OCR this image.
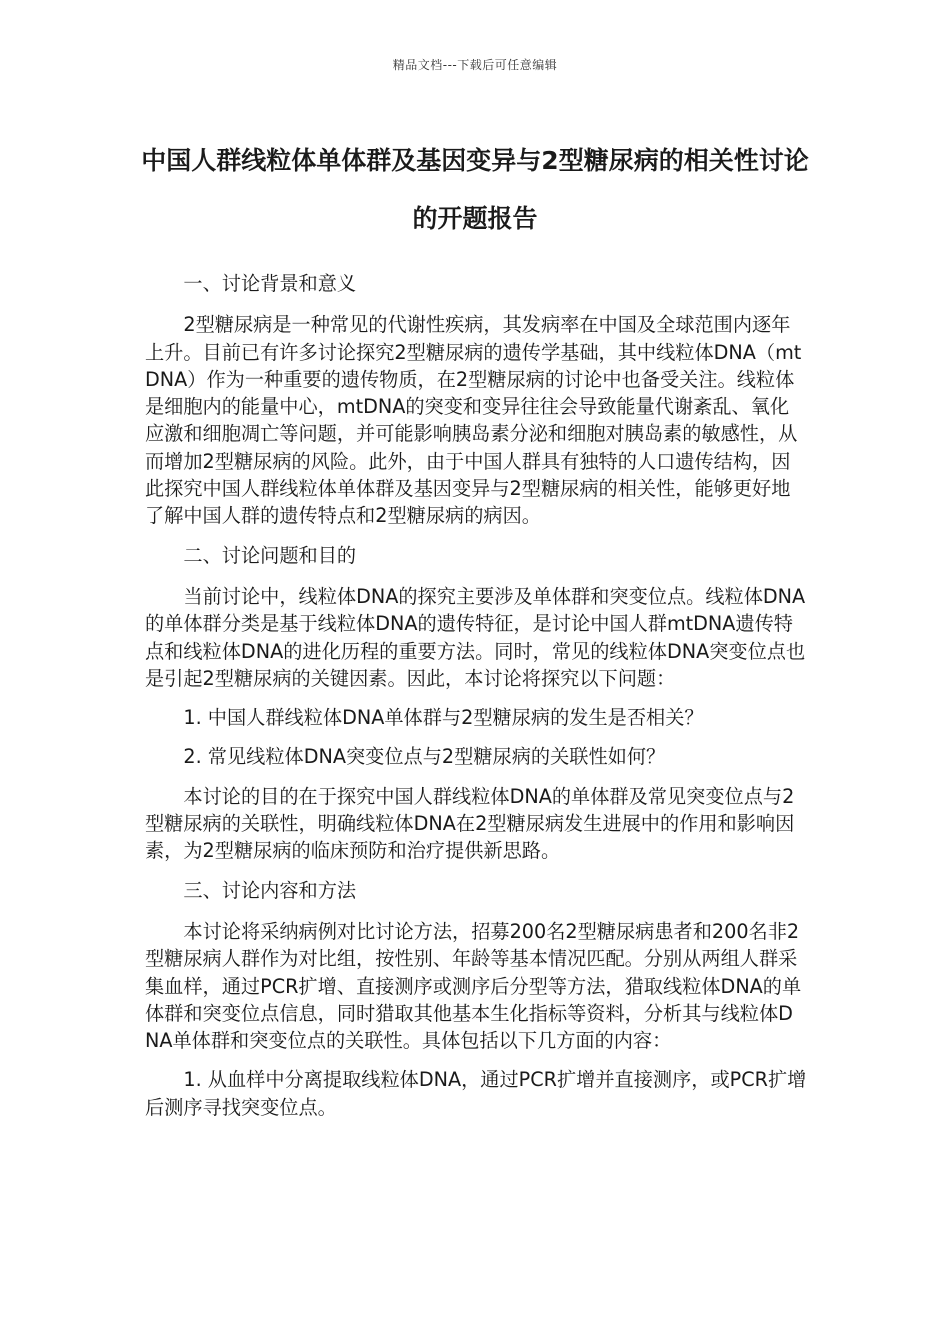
精品文档---下载后可任意编辑
中国人群线粒体单体群及基因变异与2型糖尿病的相关性讨论的开题报告

一、讨论背景和意义

2型糖尿病是一种常见的代谢性疾病，其发病率在中国及全球范围内逐年上升。目前已有许多讨论探究2型糖尿病的遗传学基础，其中线粒体DNA（mtDNA）作为一种重要的遗传物质，在2型糖尿病的讨论中也备受关注。线粒体是细胞内的能量中心，mtDNA的突变和变异往往会导致能量代谢紊乱、氧化应激和细胞凋亡等问题，并可能影响胰岛素分泌和细胞对胰岛素的敏感性，从而增加2型糖尿病的风险。此外，由于中国人群具有独特的人口遗传结构，因此探究中国人群线粒体单体群及基因变异与2型糖尿病的相关性，能够更好地了解中国人群的遗传特点和2型糖尿病的病因。

二、讨论问题和目的

当前讨论中，线粒体DNA的探究主要涉及单体群和突变位点。线粒体DNA的单体群分类是基于线粒体DNA的遗传特征，是讨论中国人群mtDNA遗传特点和线粒体DNA的进化历程的重要方法。同时，常见的线粒体DNA突变位点也是引起2型糖尿病的关键因素。因此，本讨论将探究以下问题：

1. 中国人群线粒体DNA单体群与2型糖尿病的发生是否相关？

2. 常见线粒体DNA突变位点与2型糖尿病的关联性如何？

本讨论的目的在于探究中国人群线粒体DNA的单体群及常见突变位点与2型糖尿病的关联性，明确线粒体DNA在2型糖尿病发生进展中的作用和影响因素，为2型糖尿病的临床预防和治疗提供新思路。

三、讨论内容和方法

本讨论将采纳病例对比讨论方法，招募200名2型糖尿病患者和200名非2型糖尿病人群作为对比组，按性别、年龄等基本情况匹配。分别从两组人群采集血样，通过PCR扩增、直接测序或测序后分型等方法，猎取线粒体DNA的单体群和突变位点信息，同时猎取其他基本生化指标等资料，分析其与线粒体DNA单体群和突变位点的关联性。具体包括以下几方面的内容：

1. 从血样中分离提取线粒体DNA，通过PCR扩增并直接测序，或PCR扩增后测序寻找突变位点。
